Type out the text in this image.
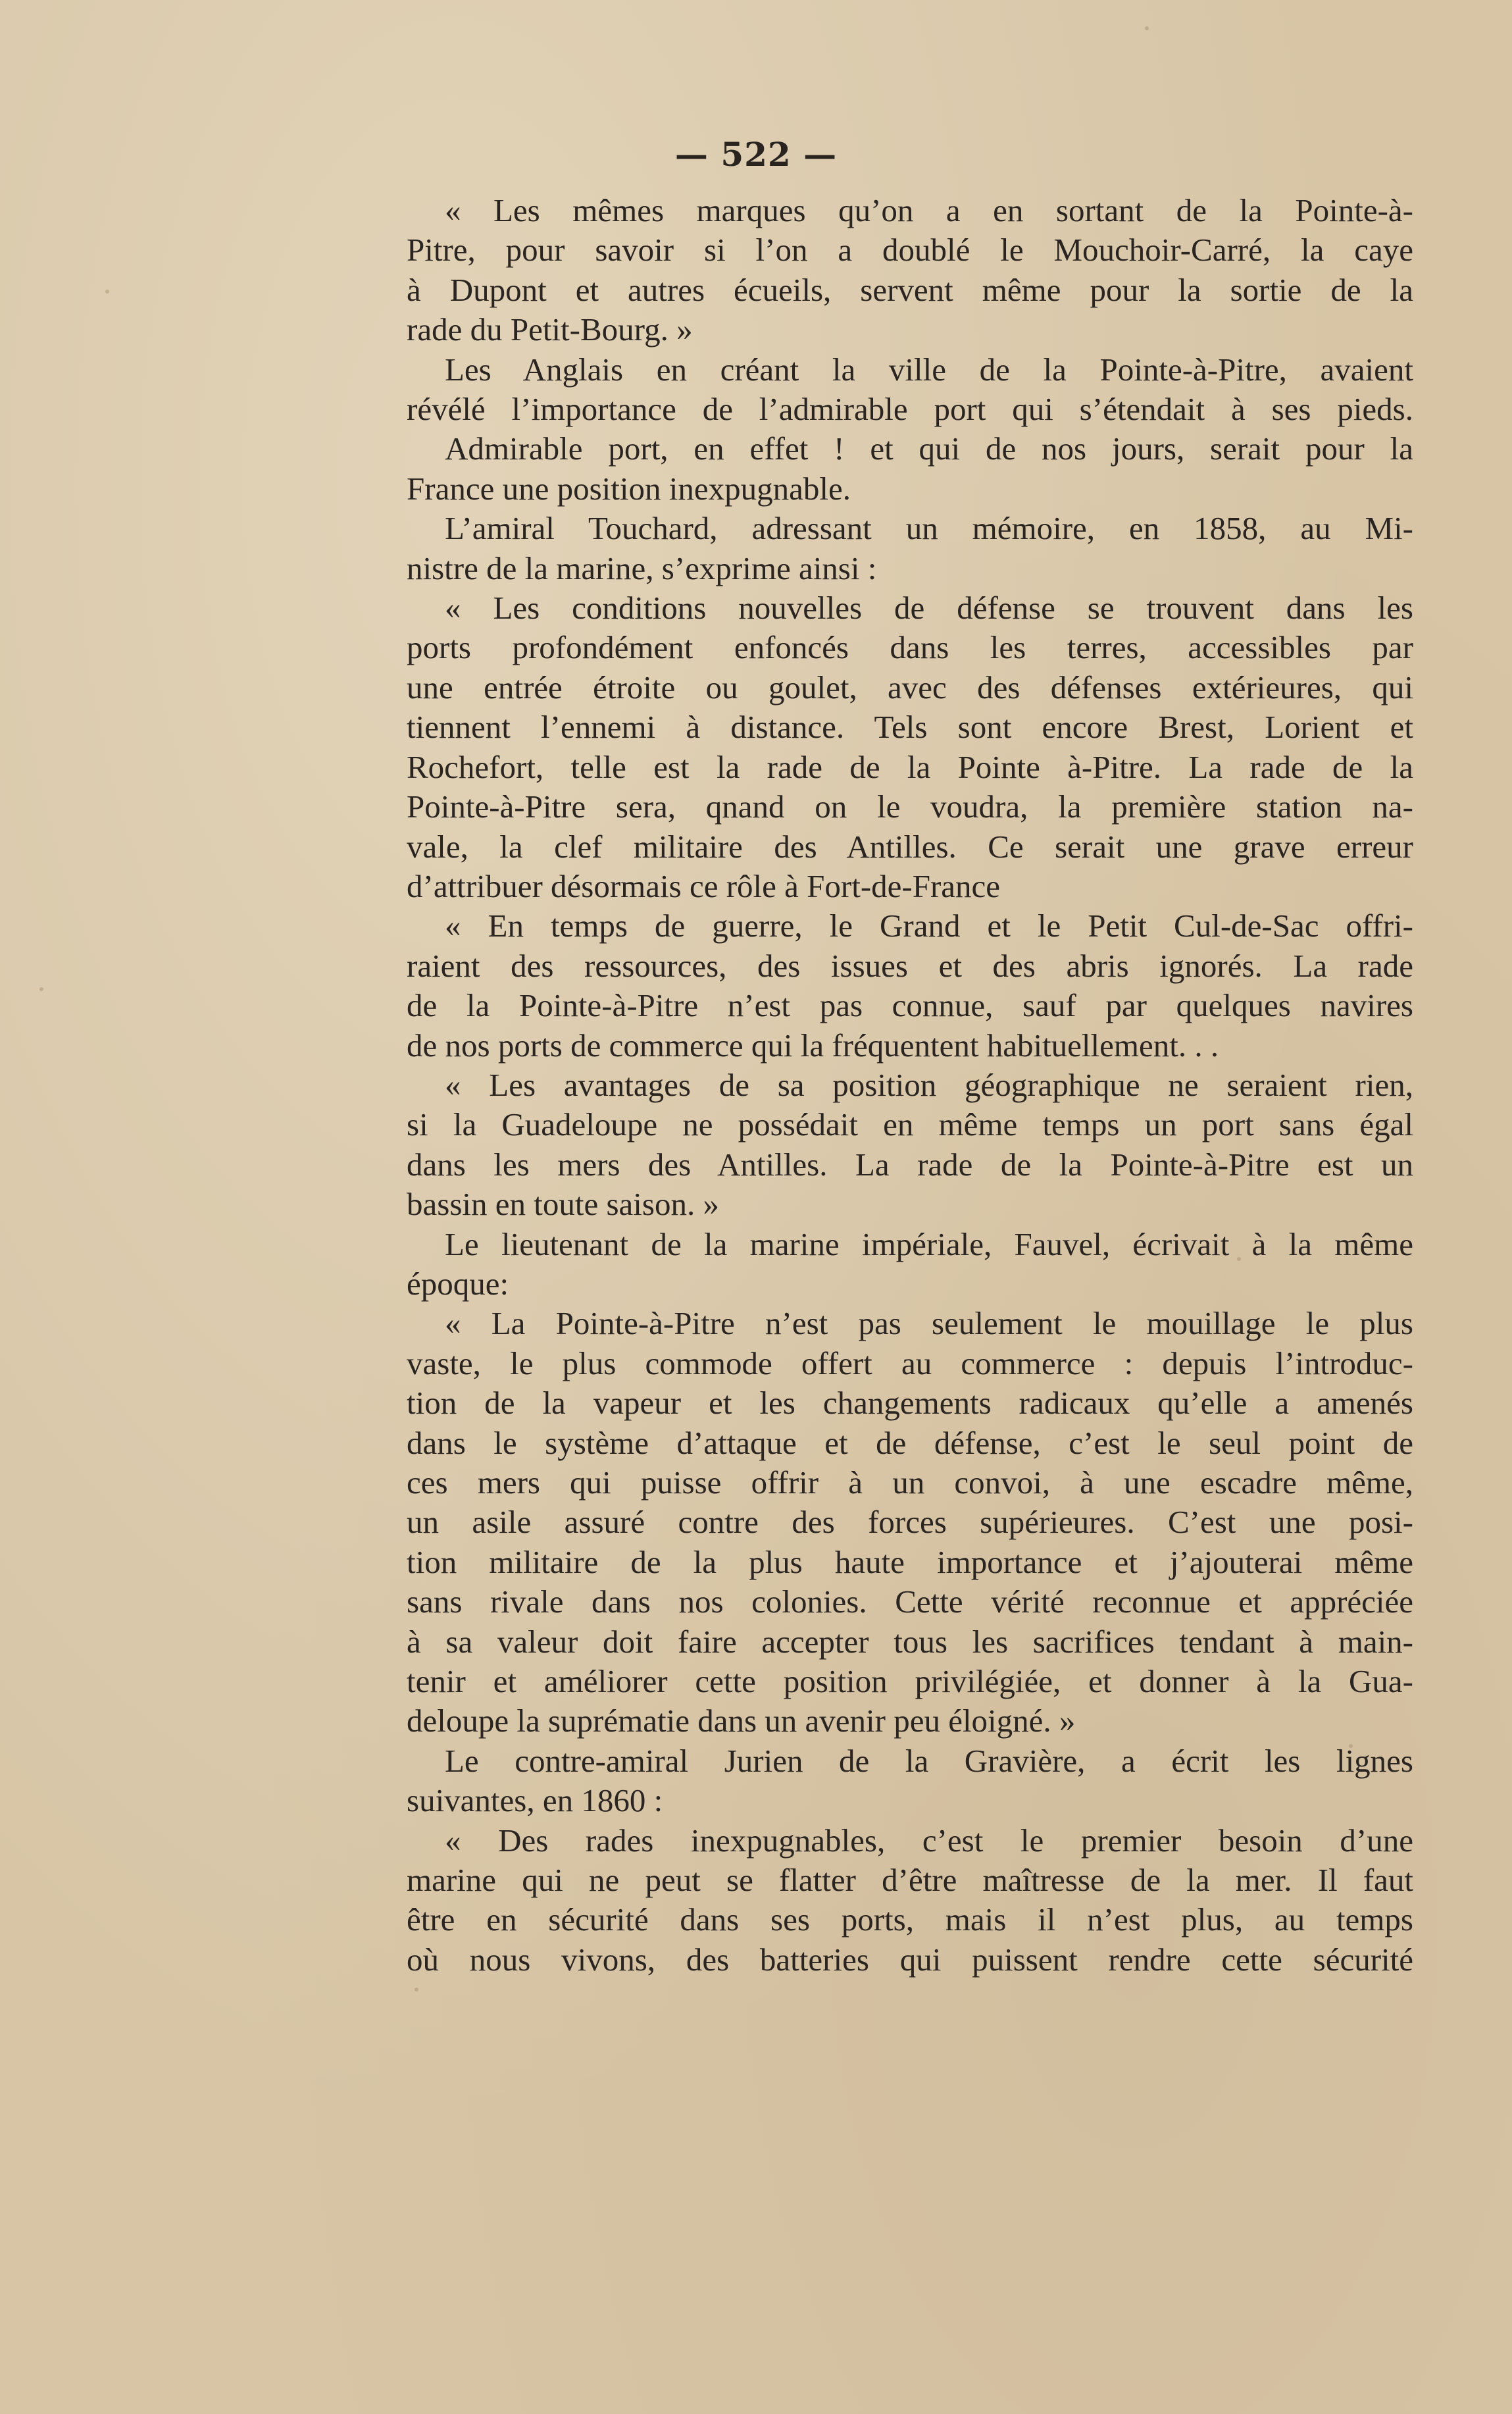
— 522 —
« Les mêmes marques qu’on a en sortant de la Pointe-à-
Pitre, pour savoir si l’on a doublé le Mouchoir-Carré, la caye
à Dupont et autres écueils, servent même pour la sortie de la
rade du Petit-Bourg. »
Les Anglais en créant la ville de la Pointe-à-Pitre, avaient
révélé l’importance de l’admirable port qui s’étendait à ses pieds.
Admirable port, en effet ! et qui de nos jours, serait pour la
France une position inexpugnable.
L’amiral Touchard, adressant un mémoire, en 1858, au Mi-
nistre de la marine, s’exprime ainsi :
« Les conditions nouvelles de défense se trouvent dans les
ports profondément enfoncés dans les terres, accessibles par
une entrée étroite ou goulet, avec des défenses extérieures, qui
tiennent l’ennemi à distance. Tels sont encore Brest, Lorient et
Rochefort, telle est la rade de la Pointe à-Pitre. La rade de la
Pointe-à-Pitre sera, qnand on le voudra, la première station na-
vale, la clef militaire des Antilles. Ce serait une grave erreur
d’attribuer désormais ce rôle à Fort-de-France
« En temps de guerre, le Grand et le Petit Cul-de-Sac offri-
raient des ressources, des issues et des abris ignorés. La rade
de la Pointe-à-Pitre n’est pas connue, sauf par quelques navires
de nos ports de commerce qui la fréquentent habituellement. . .
« Les avantages de sa position géographique ne seraient rien,
si la Guadeloupe ne possédait en même temps un port sans égal
dans les mers des Antilles. La rade de la Pointe-à-Pitre est un
bassin en toute saison. »
Le lieutenant de la marine impériale, Fauvel, écrivait à la même
époque:
« La Pointe-à-Pitre n’est pas seulement le mouillage le plus
vaste, le plus commode offert au commerce : depuis l’introduc-
tion de la vapeur et les changements radicaux qu’elle a amenés
dans le système d’attaque et de défense, c’est le seul point de
ces mers qui puisse offrir à un convoi, à une escadre même,
un asile assuré contre des forces supérieures. C’est une posi-
tion militaire de la plus haute importance et j’ajouterai même
sans rivale dans nos colonies. Cette vérité reconnue et appréciée
à sa valeur doit faire accepter tous les sacrifices tendant à main-
tenir et améliorer cette position privilégiée, et donner à la Gua-
deloupe la suprématie dans un avenir peu éloigné. »
Le contre-amiral Jurien de la Gravière, a écrit les lignes
suivantes, en 1860 :
« Des rades inexpugnables, c’est le premier besoin d’une
marine qui ne peut se flatter d’être maîtresse de la mer. Il faut
être en sécurité dans ses ports, mais il n’est plus, au temps
où nous vivons, des batteries qui puissent rendre cette sécurité
